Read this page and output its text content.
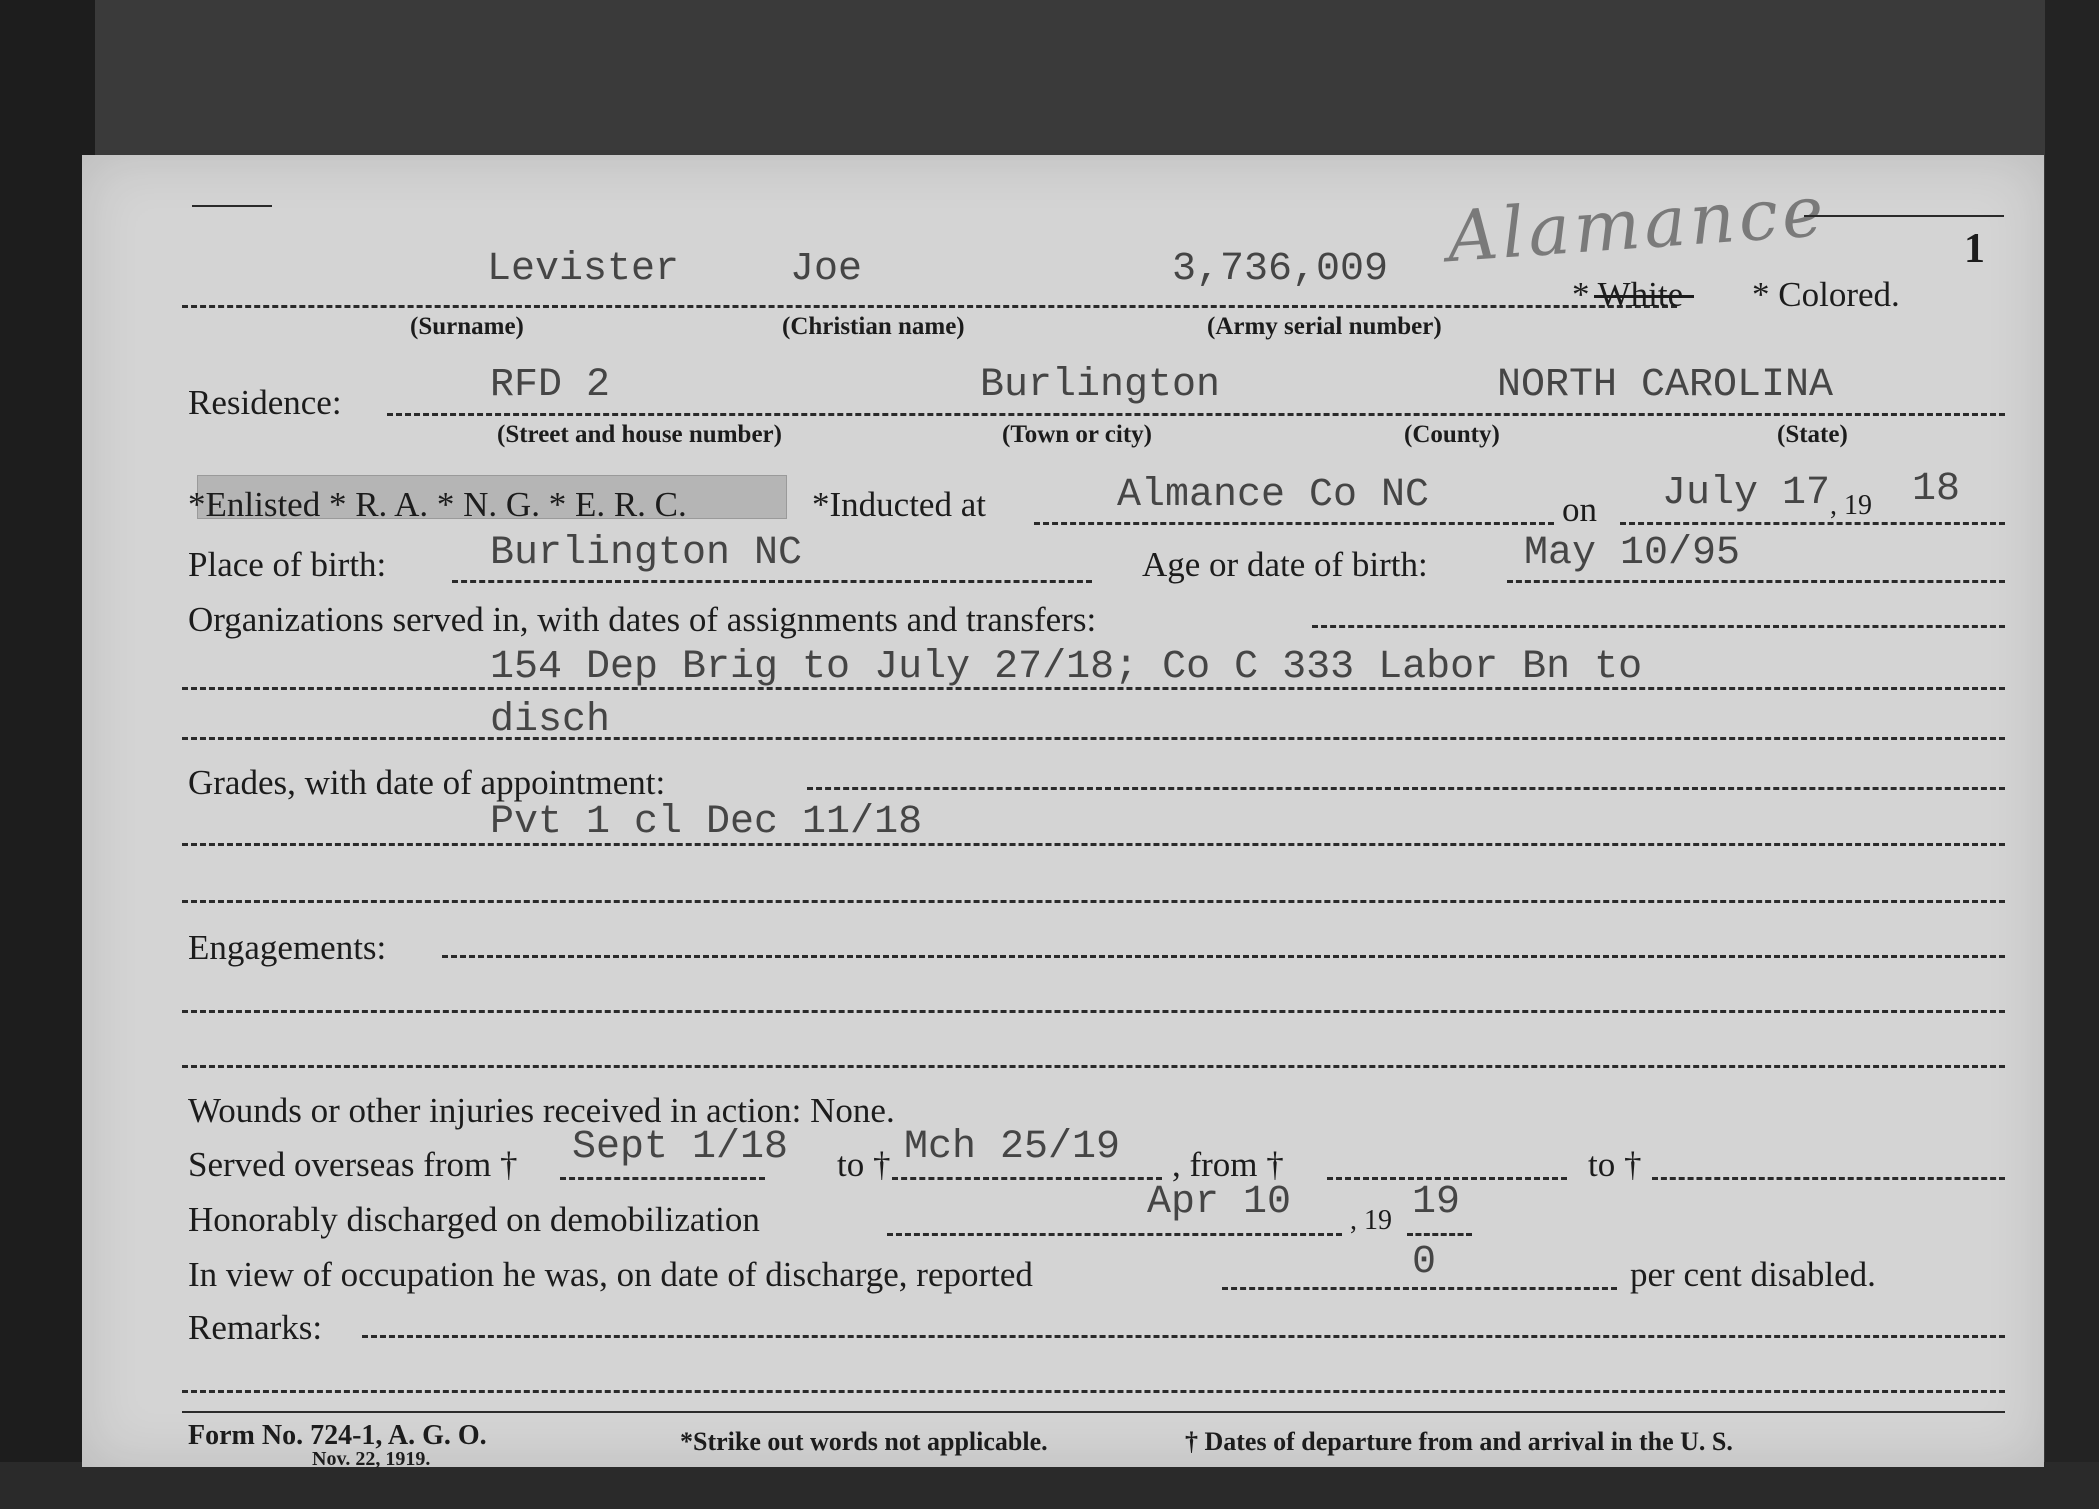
Alamance	1
Levister	Joe	3,736,009
* White * Colored.
(Surname)	(Christian name)	(Army serial number)
Residence:	RFD 2	Burlington	NORTH CAROLINA
(Street and house number)	(Town or city)	(County)	(State)
*Enlisted * R. A. * N. G. * E. R. C.	*Inducted at	Almance Co NC	on July 17 , 19 18
Place of birth:	Burlington NC	Age or date of birth: May 10/95
Organizations served in, with dates of assignments and transfers:
154 Dep Brig to July 27/18; Co C 333 Labor Bn to
disch
Grades, with date of appointment:
Pvt 1 cl Dec 11/18
Engagements:
Wounds or other injuries received in action: None.
Served overseas from † Sept 1/18 to † Mch 25/19 , from †	to †
Honorably discharged on demobilization	Apr 10 , 19 19
In view of occupation he was, on date of discharge, reported	0	per cent disabled.
Remarks:
Form No. 724-1, A. G. O.
Nov. 22, 1919.
*Strike out words not applicable.	† Dates of departure from and arrival in the U. S.
